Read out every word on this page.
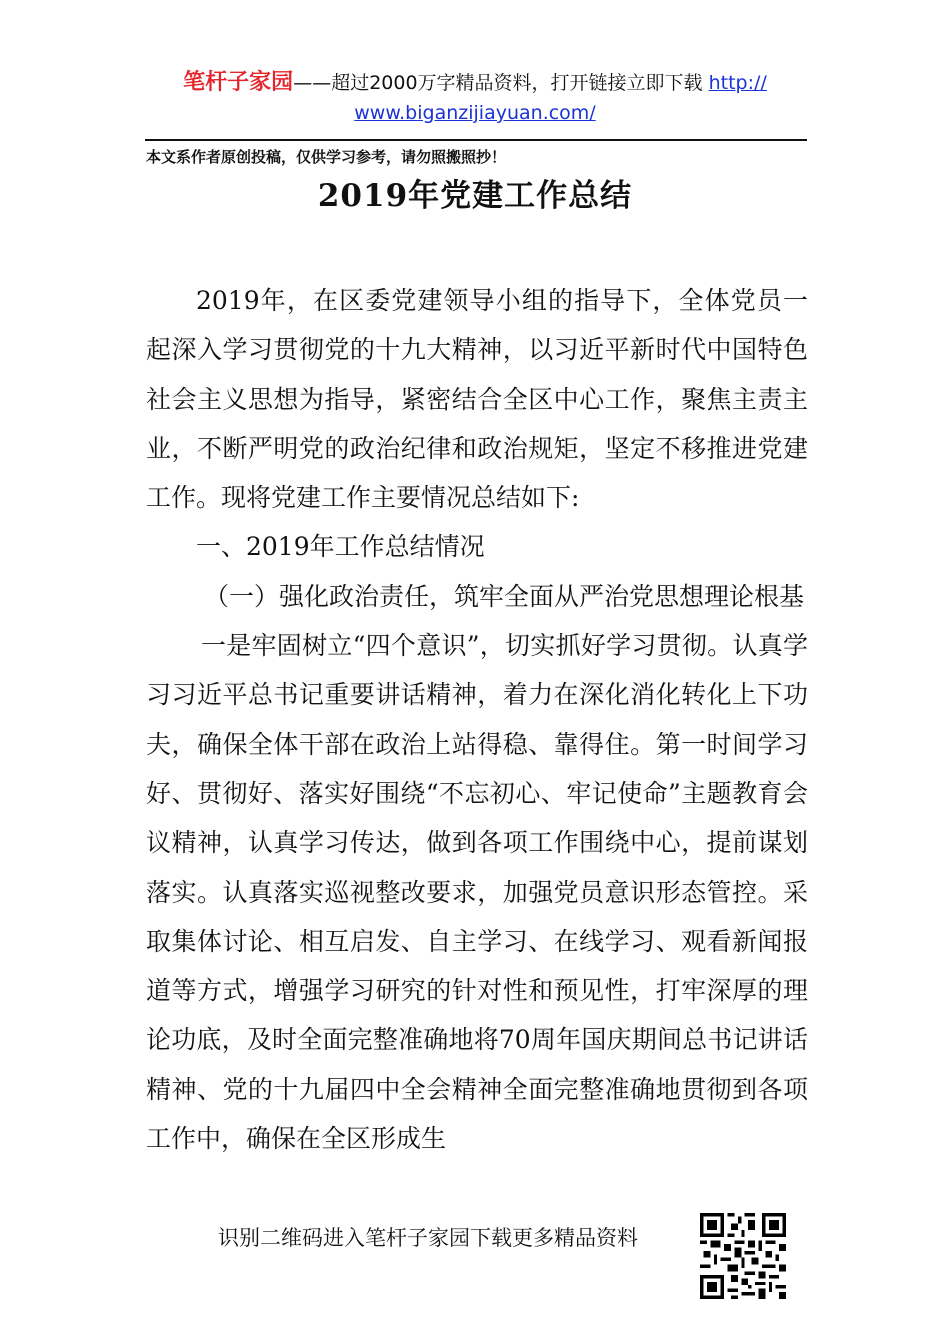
笔杆子家园——超过2000万字精品资料，打开链接立即下载 http://
www.biganzijiayuan.com/
本文系作者原创投稿，仅供学习参考，请勿照搬照抄！
2019年党建工作总结

2019年，在区委党建领导小组的指导下，全体党员一起深入学习贯彻党的十九大精神，以习近平新时代中国特色社会主义思想为指导，紧密结合全区中心工作，聚焦主责主业，不断严明党的政治纪律和政治规矩，坚定不移推进党建工作。现将党建工作主要情况总结如下:

一、2019年工作总结情况

（一）强化政治责任，筑牢全面从严治党思想理论根基

一是牢固树立“四个意识”，切实抓好学习贯彻。认真学习习近平总书记重要讲话精神，着力在深化消化转化上下功夫，确保全体干部在政治上站得稳、靠得住。第一时间学习好、贯彻好、落实好围绕“不忘初心、牢记使命”主题教育会议精神，认真学习传达，做到各项工作围绕中心，提前谋划落实。认真落实巡视整改要求，加强党员意识形态管控。采取集体讨论、相互启发、自主学习、在线学习、观看新闻报道等方式，增强学习研究的针对性和预见性，打牢深厚的理论功底，及时全面完整准确地将70周年国庆期间总书记讲话精神、党的十九届四中全会精神全面完整准确地贯彻到各项工作中，确保在全区形成生

识别二维码进入笔杆子家园下载更多精品资料
